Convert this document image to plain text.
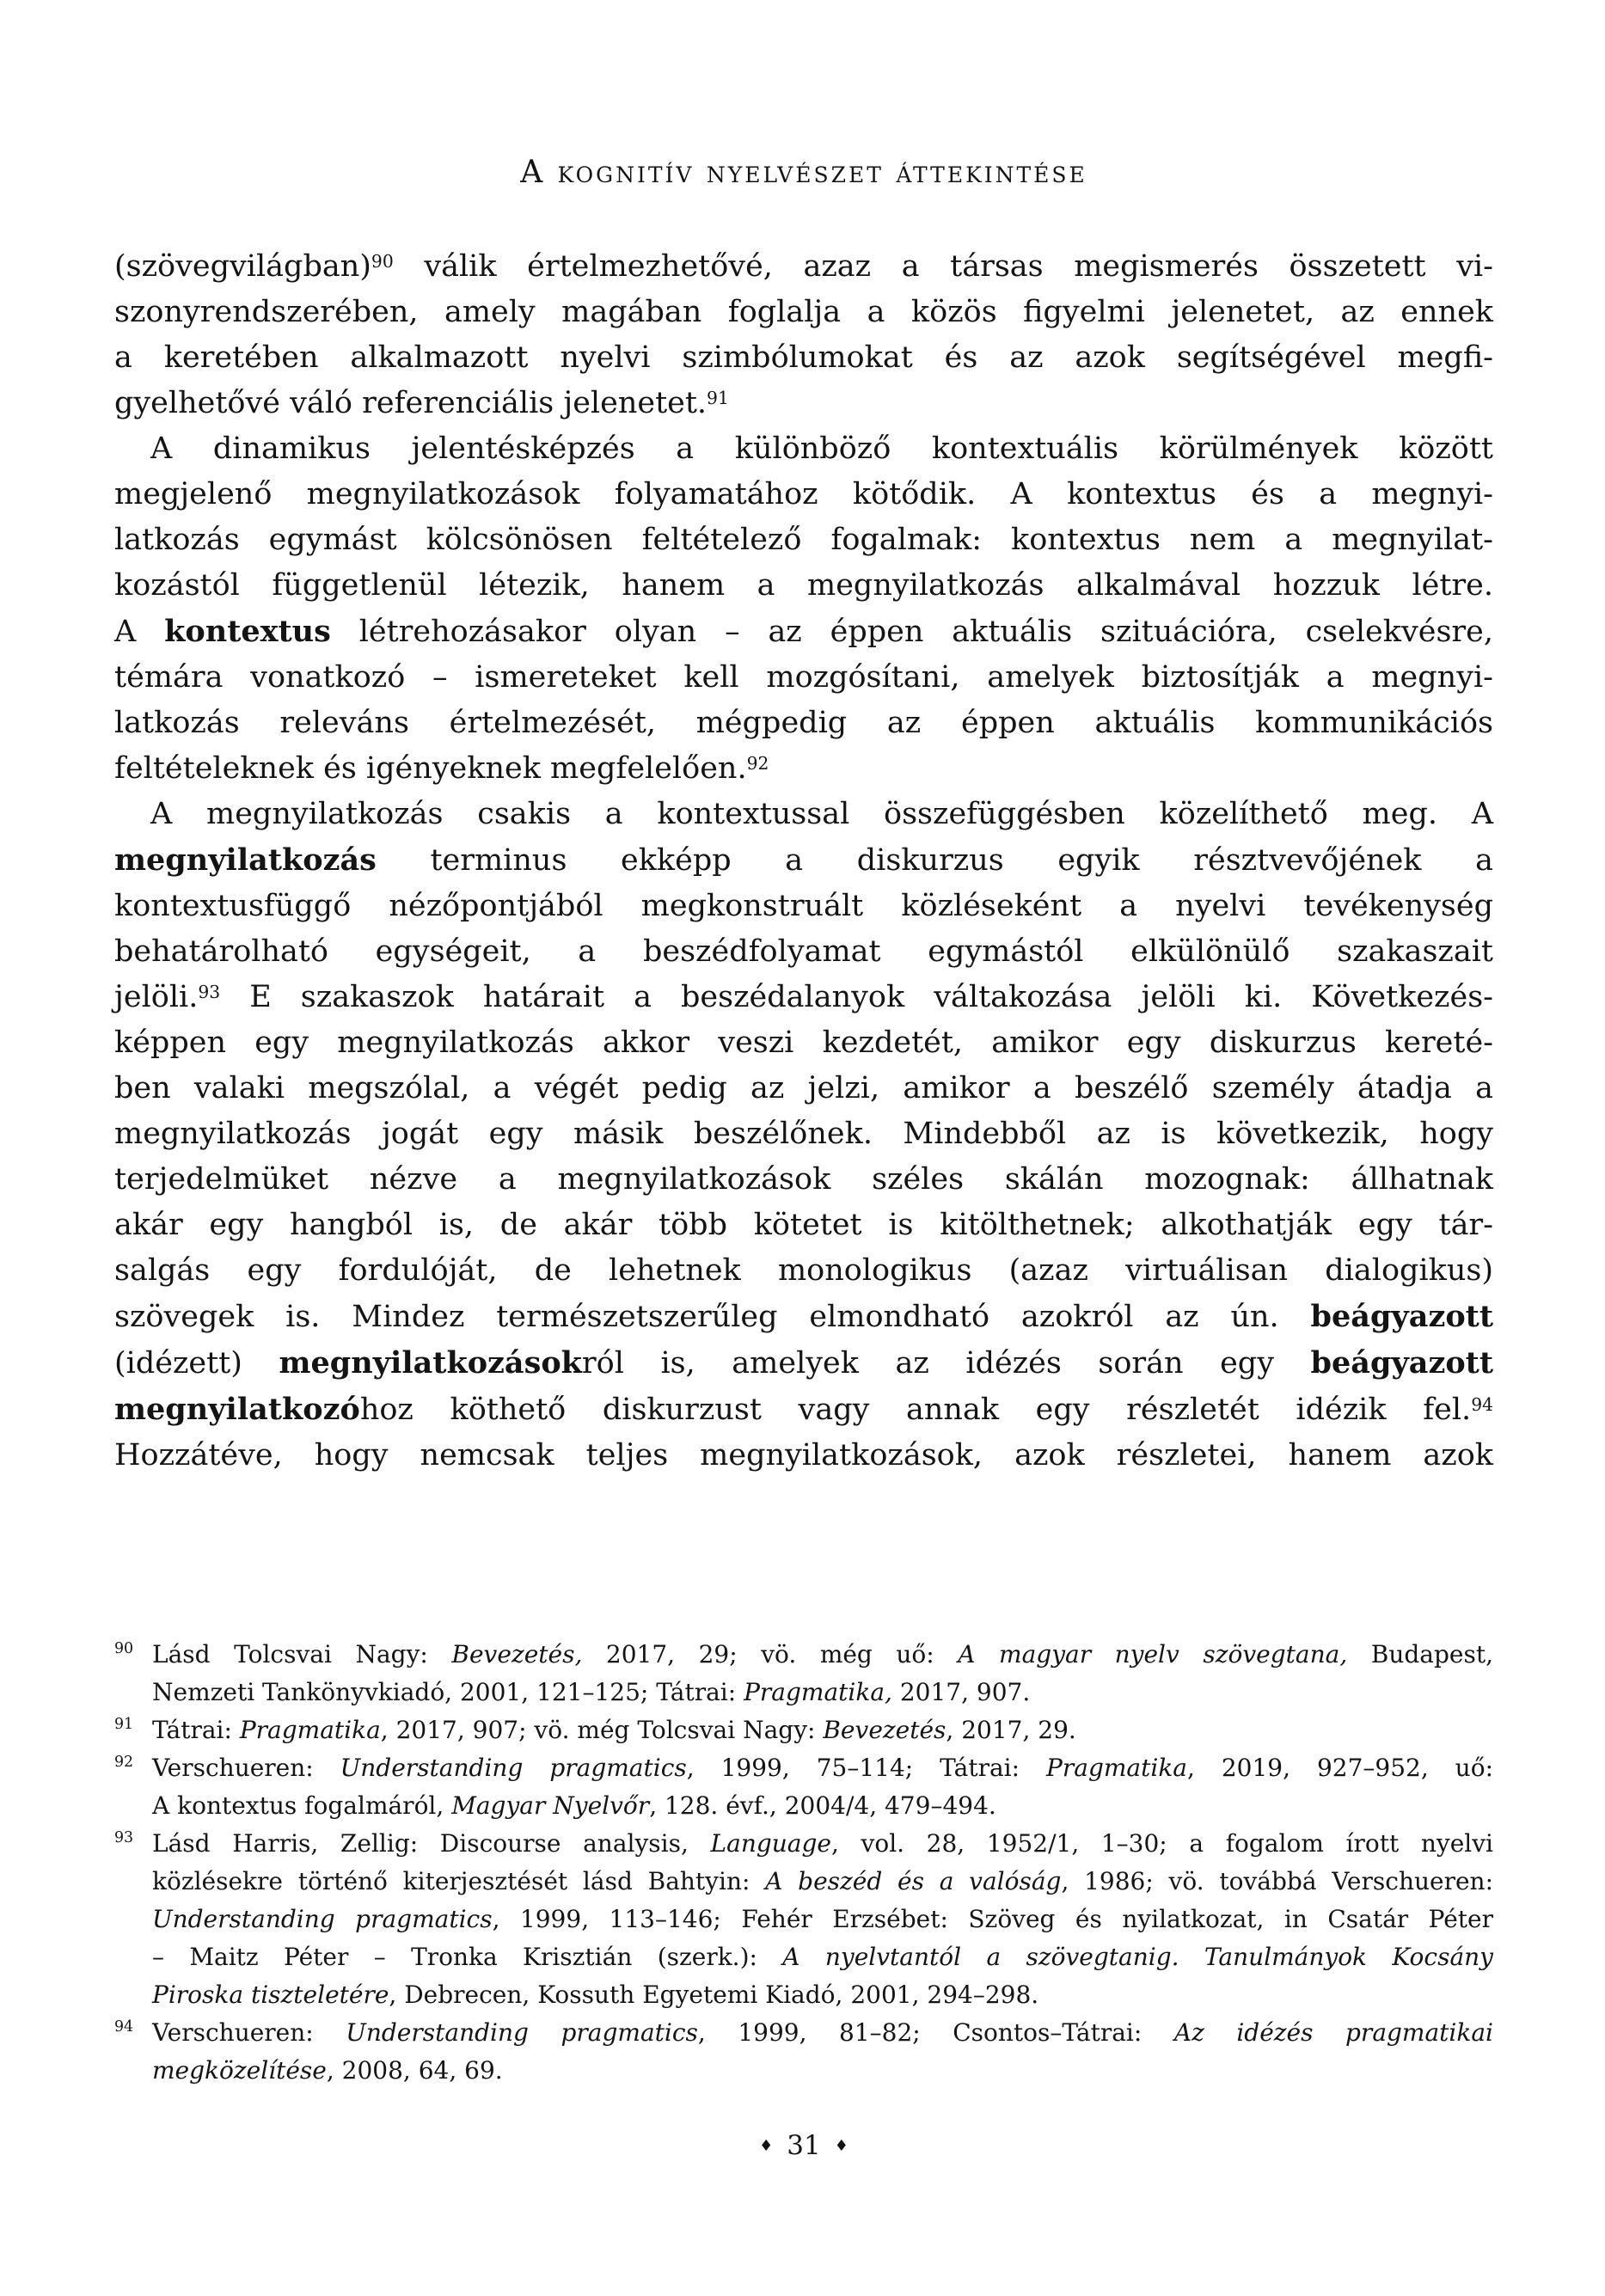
A kognitív nyelvészet áttekintése
(szövegvilágban)$^{90}$ válik értelmezhetővé, azaz a társas megismerés összetett vi-
szonyrendszerében, amely magában foglalja a közös figyelmi jelenetet, az ennek
a keretében alkalmazott nyelvi szimbólumokat és az azok segítségével megfi-
gyelhetővé váló referenciális jelenetet.$^{91}$
A dinamikus jelentésképzés a különböző kontextuális körülmények között
megjelenő megnyilatkozások folyamatához kötődik. A kontextus és a megnyi-
latkozás egymást kölcsönösen feltételező fogalmak: kontextus nem a megnyilat-
kozástól függetlenül létezik, hanem a megnyilatkozás alkalmával hozzuk létre.
A kontextus létrehozásakor olyan – az éppen aktuális szituációra, cselekvésre,
témára vonatkozó – ismereteket kell mozgósítani, amelyek biztosítják a megnyi-
latkozás releváns értelmezését, mégpedig az éppen aktuális kommunikációs
feltételeknek és igényeknek megfelelően.$^{92}$
A megnyilatkozás csakis a kontextussal összefüggésben közelíthető meg. A
megnyilatkozás terminus ekképp a diskurzus egyik résztvevőjének a
kontextusfüggő nézőpontjából megkonstruált közléseként a nyelvi tevékenység
behatárolható egységeit, a beszédfolyamat egymástól elkülönülő szakaszait
jelöli.$^{93}$ E szakaszok határait a beszédalanyok váltakozása jelöli ki. Következés-
képpen egy megnyilatkozás akkor veszi kezdetét, amikor egy diskurzus kereté-
ben valaki megszólal, a végét pedig az jelzi, amikor a beszélő személy átadja a
megnyilatkozás jogát egy másik beszélőnek. Mindebből az is következik, hogy
terjedelmüket nézve a megnyilatkozások széles skálán mozognak: állhatnak
akár egy hangból is, de akár több kötetet is kitölthetnek; alkothatják egy tár-
salgás egy fordulóját, de lehetnek monologikus (azaz virtuálisan dialogikus)
szövegek is. Mindez természetszerűleg elmondható azokról az ún. beágyazott
(idézett) megnyilatkozásokról is, amelyek az idézés során egy beágyazott
megnyilatkozóhoz köthető diskurzust vagy annak egy részletét idézik fel.$^{94}$
Hozzátéve, hogy nemcsak teljes megnyilatkozások, azok részletei, hanem azok
90 Lásd Tolcsvai Nagy: Bevezetés, 2017, 29; vö. még uő: A magyar nyelv szövegtana, Budapest,
Nemzeti Tankönyvkiadó, 2001, 121–125; Tátrai: Pragmatika, 2017, 907.
91 Tátrai: Pragmatika, 2017, 907; vö. még Tolcsvai Nagy: Bevezetés, 2017, 29.
92 Verschueren: Understanding pragmatics, 1999, 75–114; Tátrai: Pragmatika, 2019, 927–952, uő:
A kontextus fogalmáról, Magyar Nyelvőr, 128. évf., 2004/4, 479–494.
93 Lásd Harris, Zellig: Discourse analysis, Language, vol. 28, 1952/1, 1–30; a fogalom írott nyelvi
közlésekre történő kiterjesztését lásd Bahtyin: A beszéd és a valóság, 1986; vö. továbbá Verschueren:
Understanding pragmatics, 1999, 113–146; Fehér Erzsébet: Szöveg és nyilatkozat, in Csatár Péter
– Maitz Péter – Tronka Krisztián (szerk.): A nyelvtantól a szövegtanig. Tanulmányok Kocsány
Piroska tiszteletére, Debrecen, Kossuth Egyetemi Kiadó, 2001, 294–298.
94 Verschueren: Understanding pragmatics, 1999, 81–82; Csontos–Tátrai: Az idézés pragmatikai
megközelítése, 2008, 64, 69.
♦ 31 ♦
